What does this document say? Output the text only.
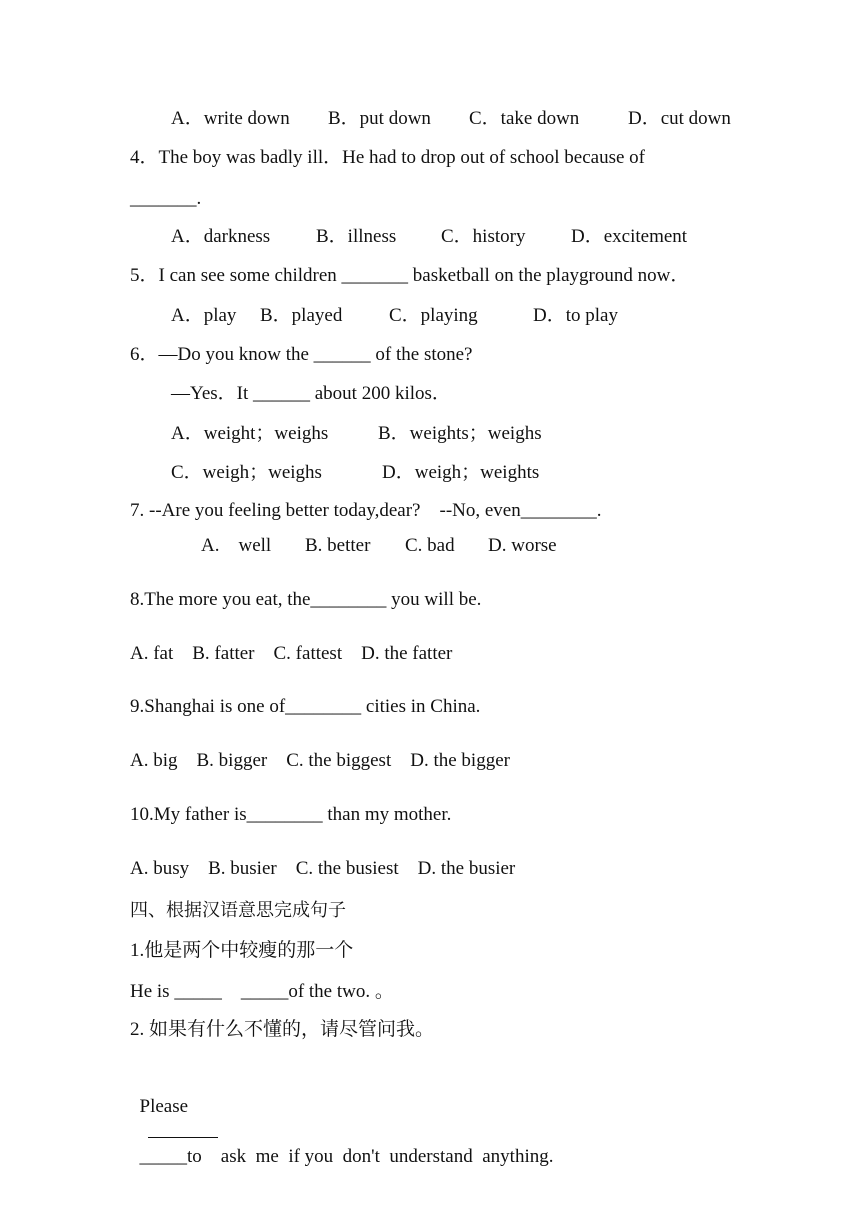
A．write down B．put down C．take down	D．cut down
4．The boy was badly ill．He had to drop out of school because of
_______.
A．darkness B．illness C．history D．excitement
5．I can see some children _______ basketball on the playground now．
A．play B．played C．playing	D．to play
6．—Do you know the ______ of the stone?
—Yes．It ______ about 200 kilos．
A．weight；weighs	B．weights；weighs
C．weigh；weighs	D．weigh；weights
7. --Are you feeling better today,dear?    --No, even________.
A.    well B. better C. bad D. worse
8.The more you eat, the________ you will be.
A. fat    B. fatter    C. fattest    D. the fatter
9.Shanghai is one of________ cities in China.
A. big    B. bigger    C. the biggest    D. the bigger
10.My father is________ than my mother.
A. busy    B. busier    C. the busiest    D. the busier
四、根据汉语意思完成句子
1.他是两个中较瘦的那一个
He is _____    _____of the two. 。
2. 如果有什么不懂的，请尽管问我。

Please

_____to    ask  me  if you  don't  understand  anything.
